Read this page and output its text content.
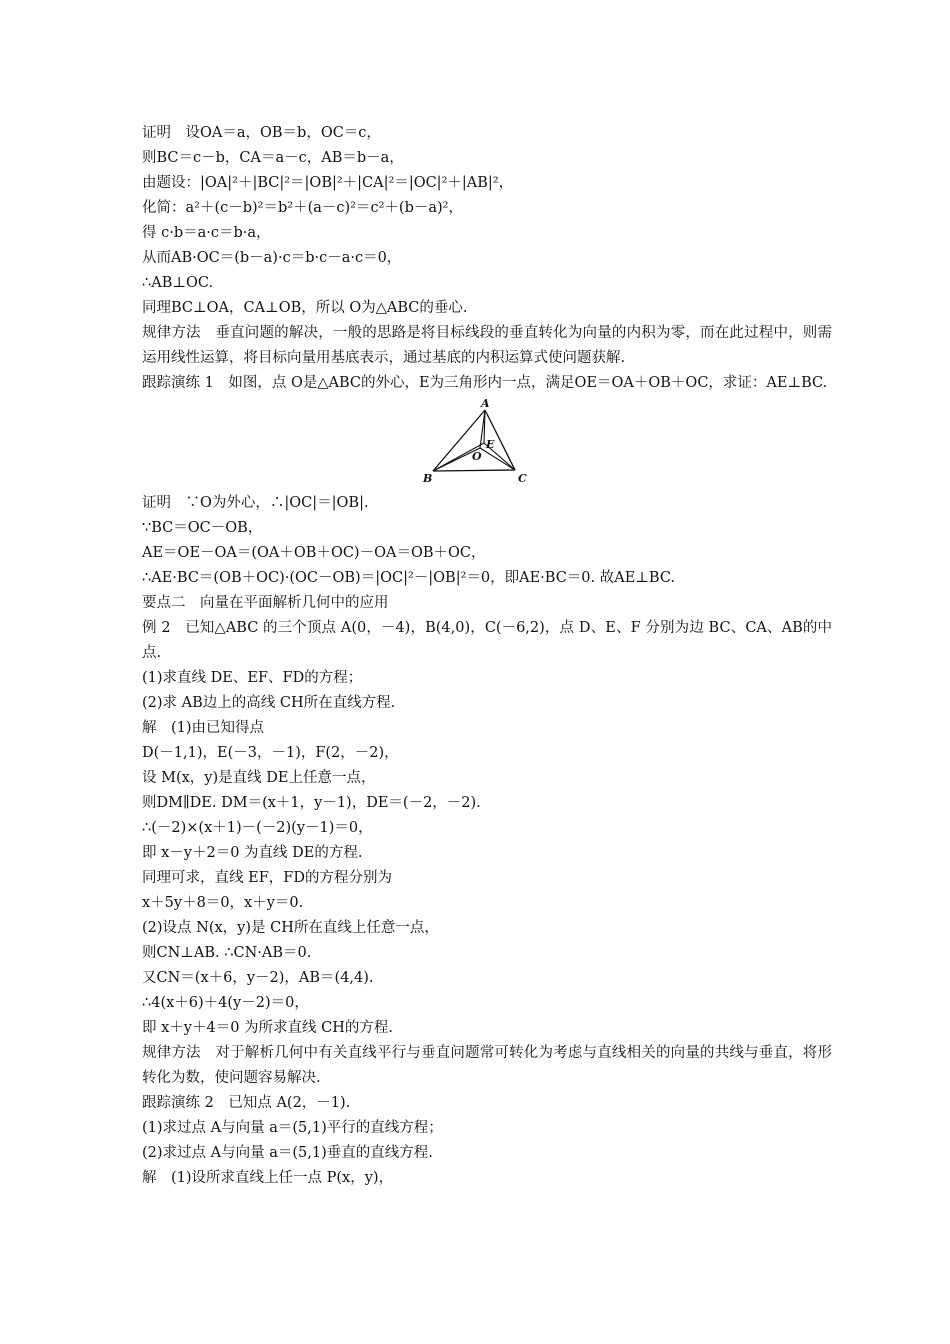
证明　设OA＝a，OB＝b，OC＝c，
则BC＝c－b，CA＝a－c，AB＝b－a，
由题设：|OA|²＋|BC|²＝|OB|²＋|CA|²＝|OC|²＋|AB|²，
化简：a²＋(c－b)²＝b²＋(a－c)²＝c²＋(b－a)²，
得 c·b＝a·c＝b·a，
从而AB·OC＝(b－a)·c＝b·c－a·c＝0，
∴AB⊥OC.
同理BC⊥OA，CA⊥OB，所以 O为△ABC的垂心.
规律方法　垂直问题的解决，一般的思路是将目标线段的垂直转化为向量的内积为零，而在此过程中，则需运用线性运算，将目标向量用基底表示，通过基底的内积运算式使问题获解.
跟踪演练 1　如图，点 O是△ABC的外心，E为三角形内一点，满足OE＝OA＋OB＋OC，求证：AE⊥BC.
A
B	C
O
E
证明　∵O为外心，∴|OC|＝|OB|.
∵BC＝OC－OB，
AE＝OE－OA＝(OA＋OB＋OC)－OA＝OB＋OC，
∴AE·BC＝(OB＋OC)·(OC－OB)＝|OC|²－|OB|²＝0，即AE·BC＝0. 故AE⊥BC.
要点二　向量在平面解析几何中的应用
例 2　已知△ABC 的三个顶点 A(0，－4)，B(4,0)，C(－6,2)，点 D、E、F 分别为边 BC、CA、AB的中点.
(1)求直线 DE、EF、FD的方程；
(2)求 AB边上的高线 CH所在直线方程.
解　(1)由已知得点
D(－1,1)，E(－3，－1)，F(2，－2)，
设 M(x，y)是直线 DE上任意一点，
则DM∥DE. DM＝(x＋1，y－1)，DE＝(－2，－2).
∴(－2)×(x＋1)－(－2)(y－1)＝0，
即 x－y＋2＝0 为直线 DE的方程.
同理可求，直线 EF，FD的方程分别为
x＋5y＋8＝0，x＋y＝0.
(2)设点 N(x，y)是 CH所在直线上任意一点，
则CN⊥AB. ∴CN·AB＝0.
又CN＝(x＋6，y－2)，AB＝(4,4).
∴4(x＋6)＋4(y－2)＝0，
即 x＋y＋4＝0 为所求直线 CH的方程.
规律方法　对于解析几何中有关直线平行与垂直问题常可转化为考虑与直线相关的向量的共线与垂直，将形转化为数，使问题容易解决.
跟踪演练 2　已知点 A(2，－1).
(1)求过点 A与向量 a＝(5,1)平行的直线方程；
(2)求过点 A与向量 a＝(5,1)垂直的直线方程.
解　(1)设所求直线上任一点 P(x，y)，
